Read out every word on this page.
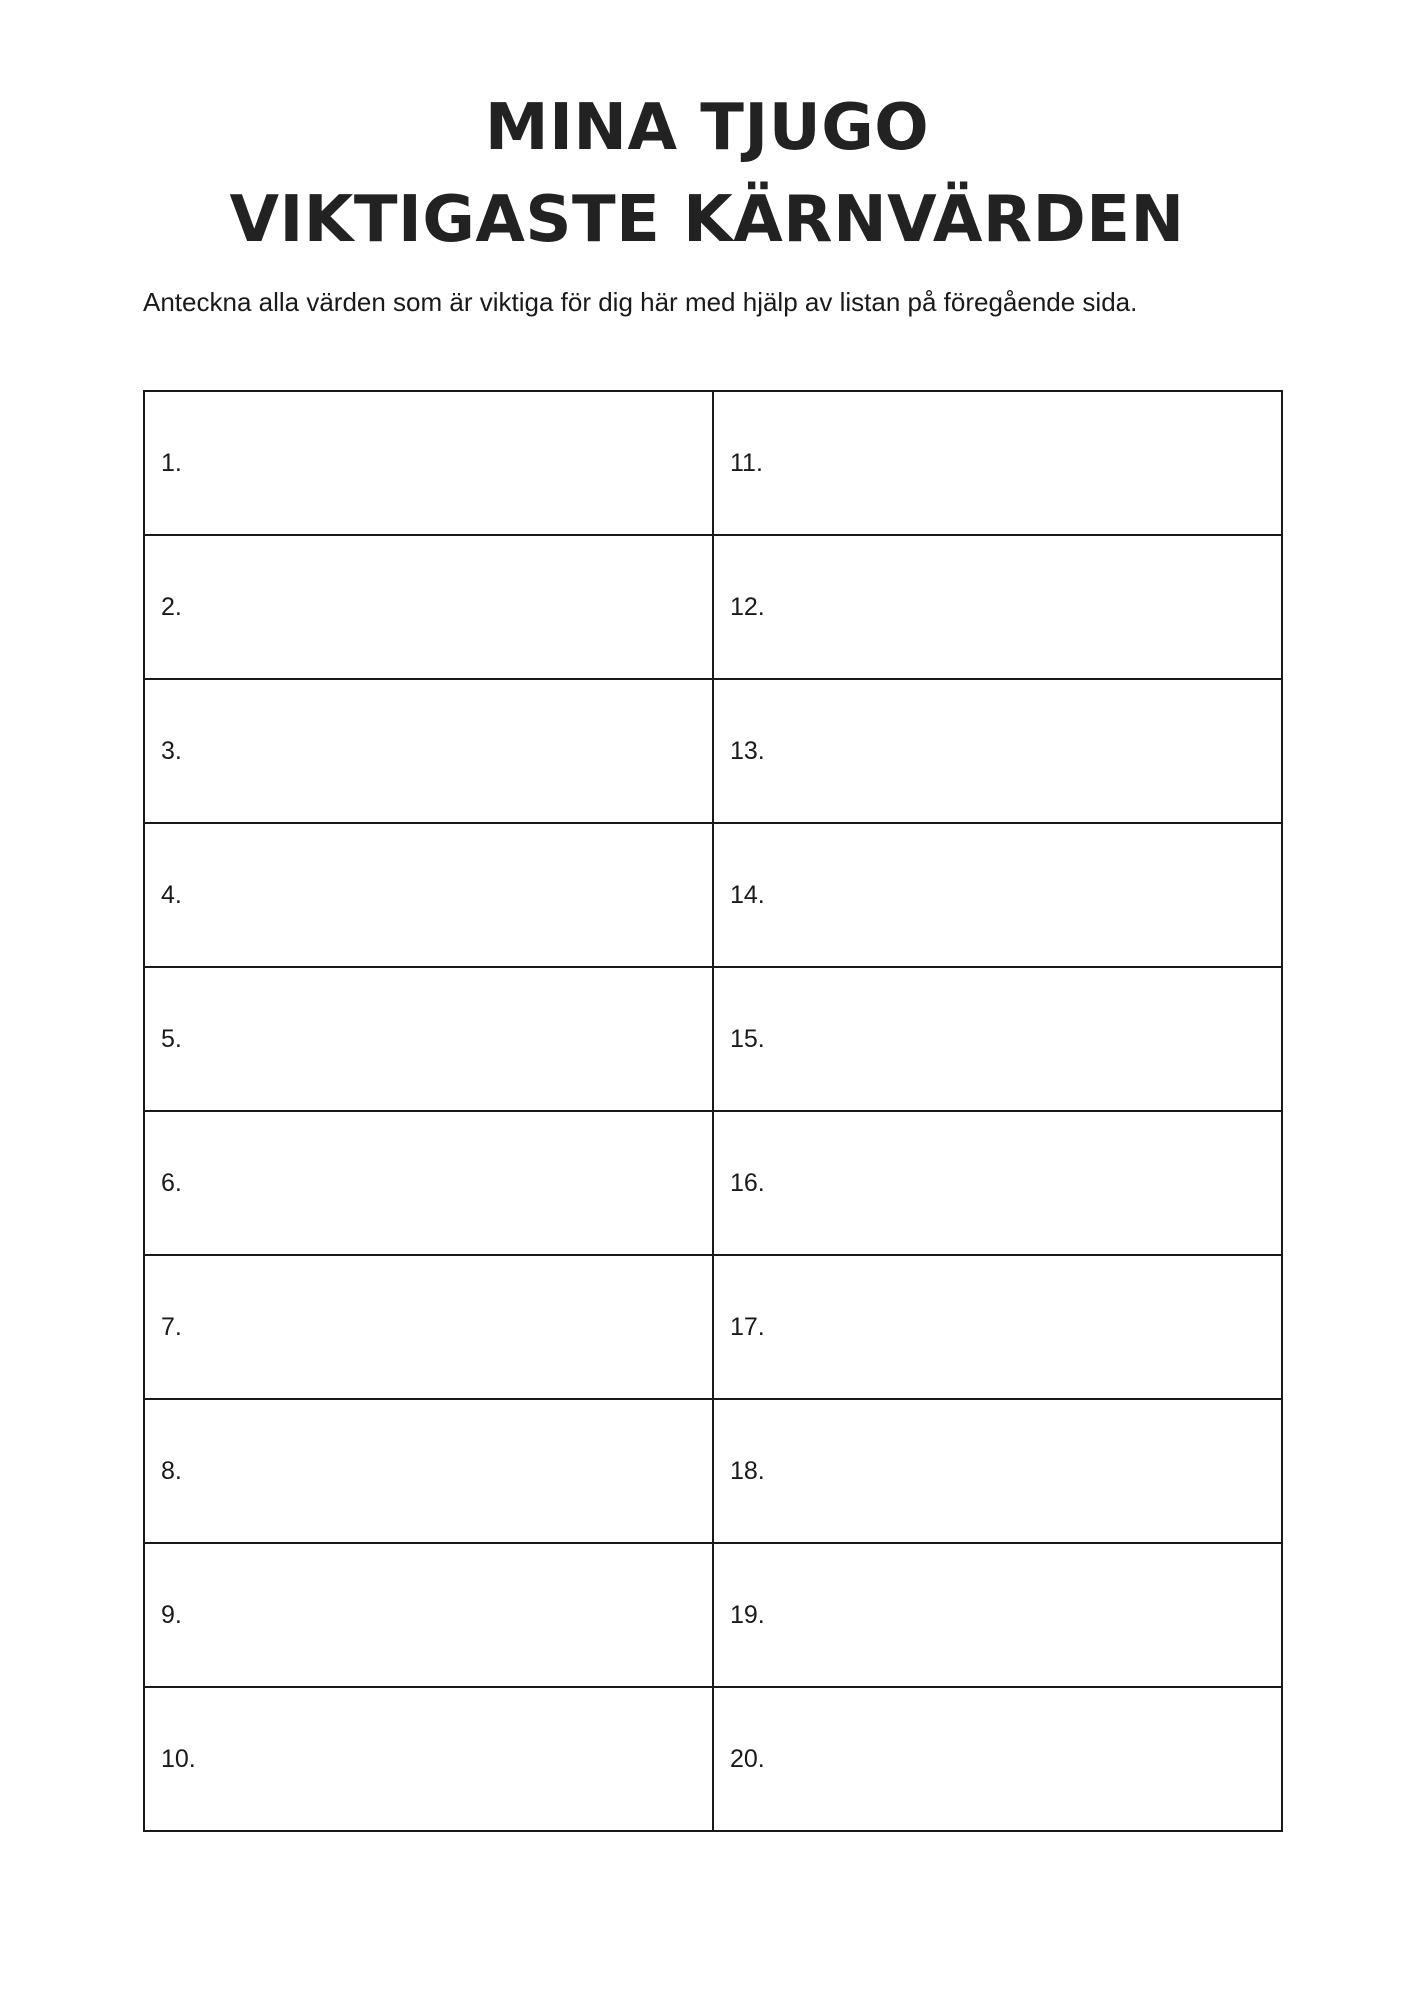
MINA TJUGO
VIKTIGASTE KÄRNVÄRDEN

Anteckna alla värden som är viktiga för dig här med hjälp av listan på föregående sida.

1.	11.
2.	12.
3.	13.
4.	14.
5.	15.
6.	16.
7.	17.
8.	18.
9.	19.
10.	20.
